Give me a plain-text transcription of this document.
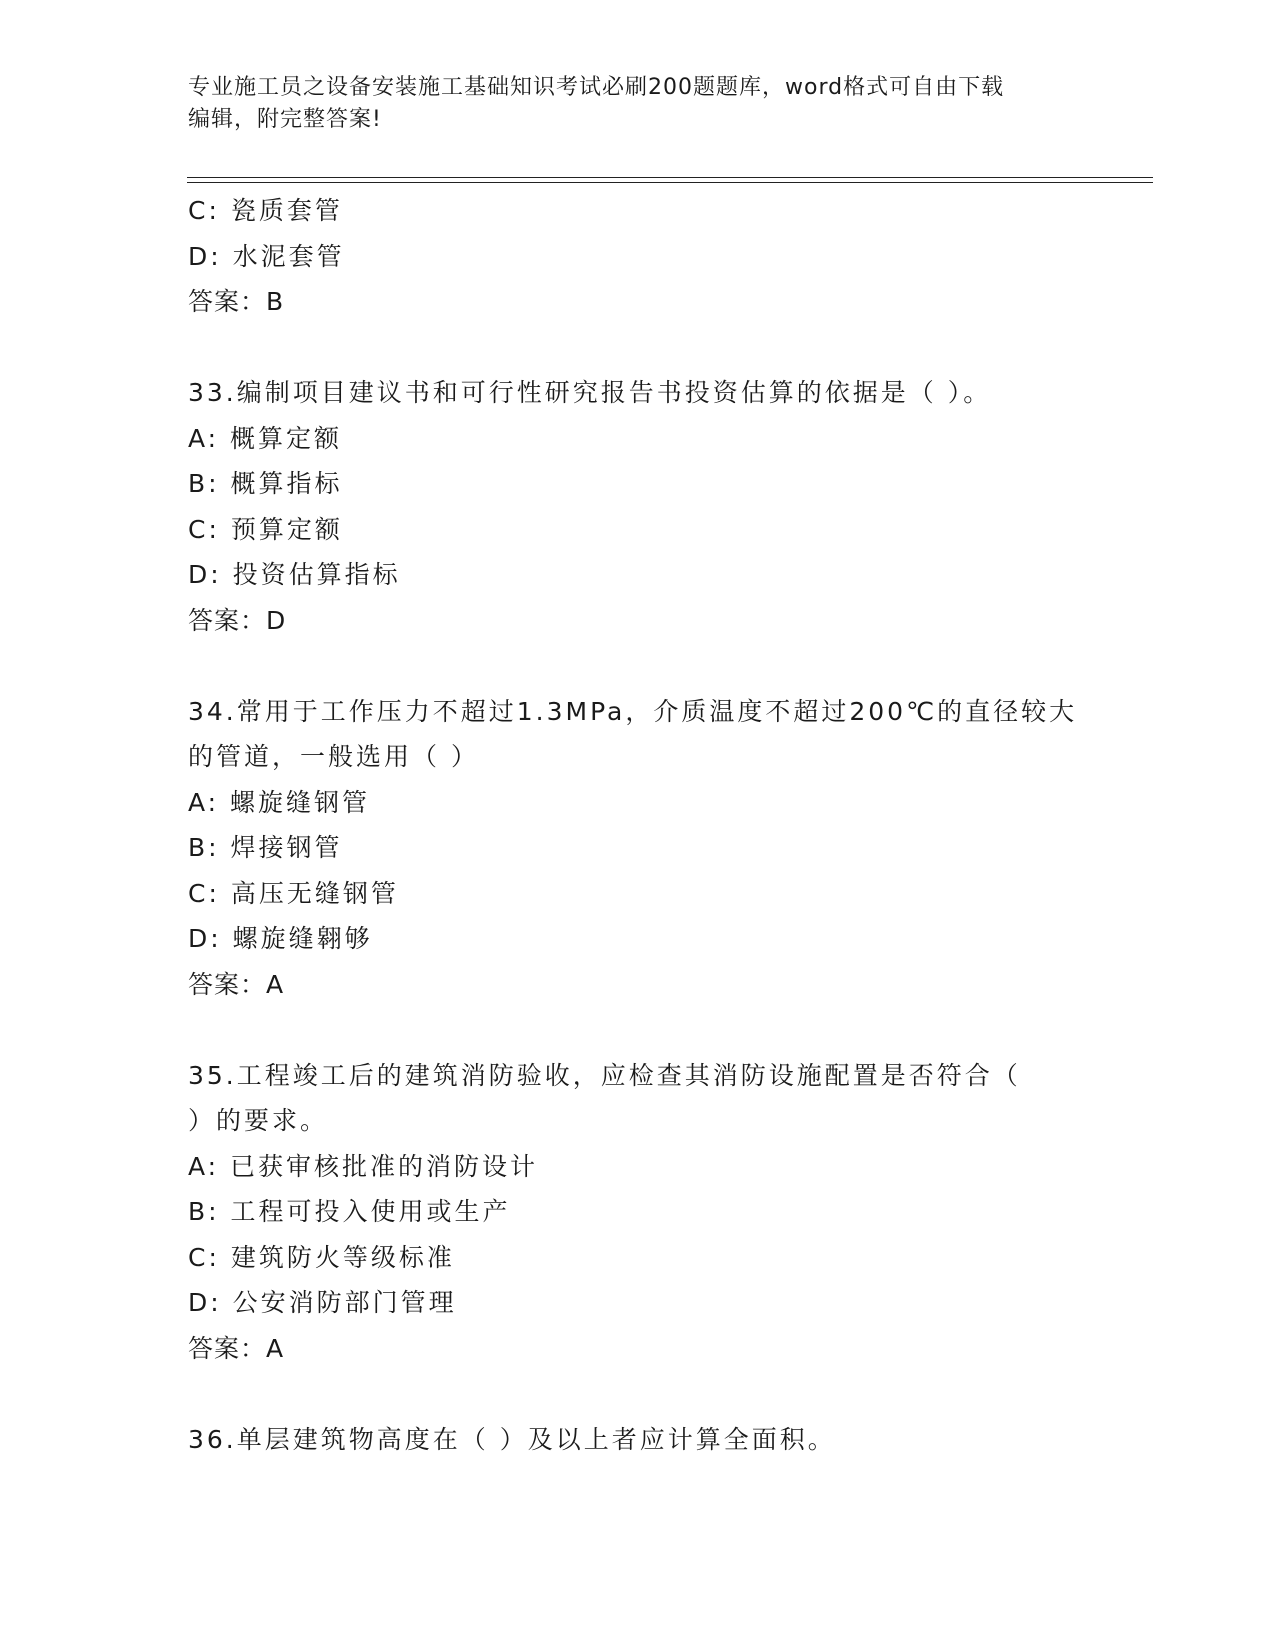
专业施工员之设备安装施工基础知识考试必刷200题题库，word格式可自由下载
编辑，附完整答案!
C: 瓷质套管
D: 水泥套管
答案：B
33.编制项目建议书和可行性研究报告书投资估算的依据是（ ）。
A: 概算定额
B: 概算指标
C: 预算定额
D: 投资估算指标
答案：D
34.常用于工作压力不超过1.3MPa，介质温度不超过200℃的直径较大
的管道，一般选用（ ）
A: 螺旋缝钢管
B: 焊接钢管
C: 高压无缝钢管
D: 螺旋缝翱够
答案：A
35.工程竣工后的建筑消防验收，应检查其消防设施配置是否符合（
）的要求。
A: 已获审核批准的消防设计
B: 工程可投入使用或生产
C: 建筑防火等级标准
D: 公安消防部门管理
答案：A
36.单层建筑物高度在（ ）及以上者应计算全面积。
